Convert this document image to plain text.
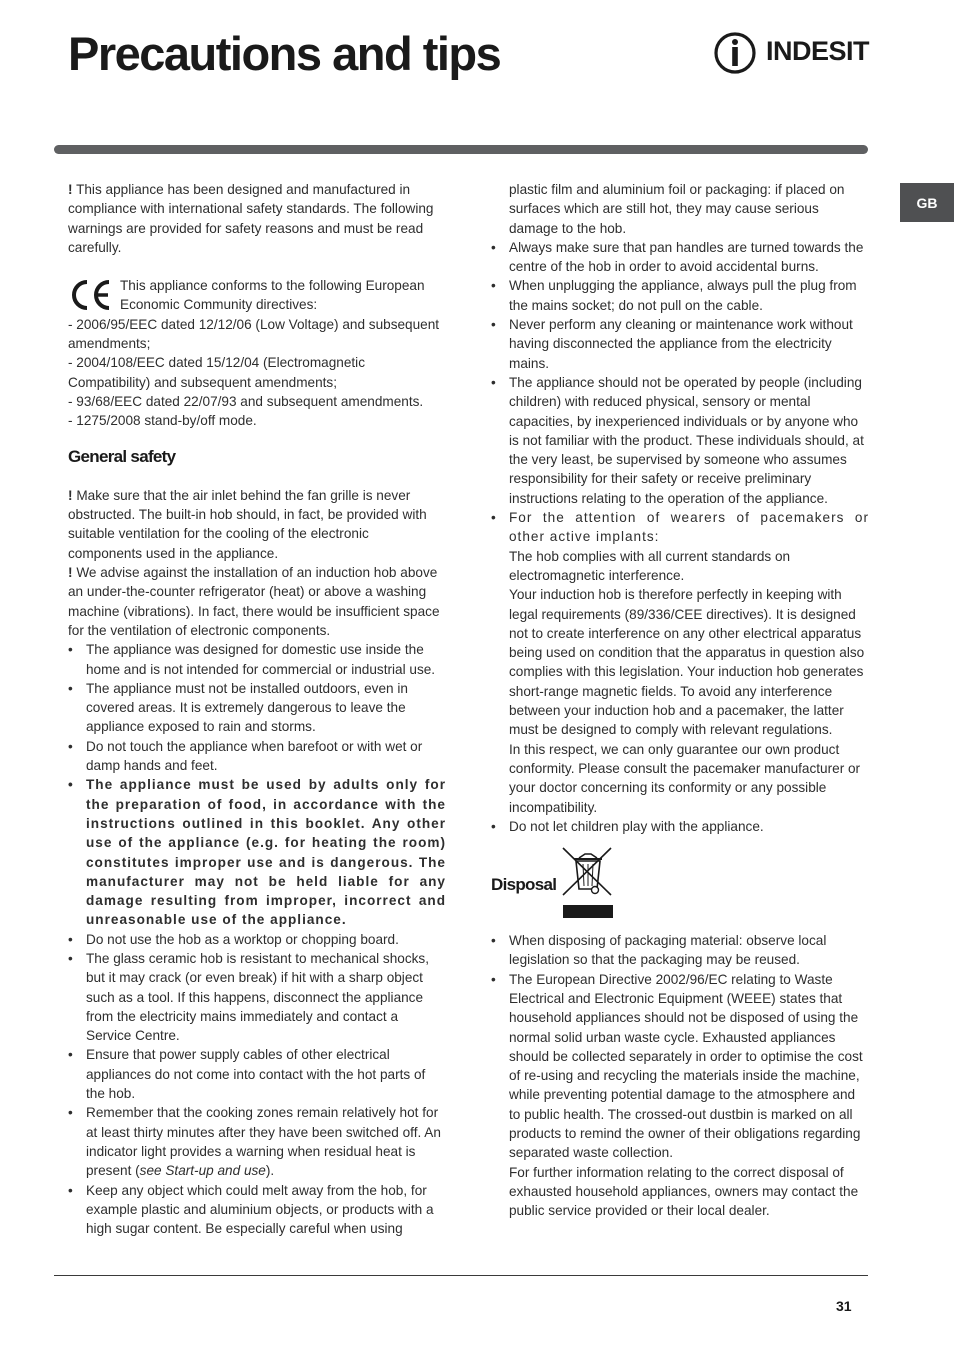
Precautions and tips	INDESIT
GB

! This appliance has been designed and manufactured in compliance with international safety standards. The following warnings are provided for safety reasons and must be read carefully.

This appliance conforms to the following European Economic Community directives:

- 2006/95/EEC dated 12/12/06 (Low Voltage) and subsequent amendments;

- 2004/108/EEC dated 15/12/04 (Electromagnetic Compatibility) and subsequent amendments;

- 93/68/EEC dated 22/07/93 and subsequent amendments.

- 1275/2008 stand-by/off mode.

General safety

! Make sure that the air inlet behind the fan grille is never obstructed. The built-in hob should, in fact, be provided with suitable ventilation for the cooling of the electronic components used in the appliance.

! We advise against the installation of an induction hob above an under-the-counter refrigerator (heat) or above a washing machine (vibrations). In fact, there would be insufficient space for the ventilation of electronic components.

• The appliance was designed for domestic use inside the home and is not intended for commercial or industrial use.
• The appliance must not be installed outdoors, even in covered areas. It is extremely dangerous to leave the appliance exposed to rain and storms.
• Do not touch the appliance when barefoot or with wet or damp hands and feet.
• The appliance must be used by adults only for the preparation of food, in accordance with the instructions outlined in this booklet. Any other use of the appliance (e.g. for heating the room) constitutes improper use and is dangerous. The manufacturer may not be held liable for any damage resulting from improper, incorrect and unreasonable use of the appliance.
• Do not use the hob as a worktop or chopping board.
• The glass ceramic hob is resistant to mechanical shocks, but it may crack (or even break) if hit with a sharp object such as a tool. If this happens, disconnect the appliance from the electricity mains immediately and contact a Service Centre.
• Ensure that power supply cables of other electrical appliances do not come into contact with the hot parts of the hob.
• Remember that the cooking zones remain relatively hot for at least thirty minutes after they have been switched off. An indicator light provides a warning when residual heat is present (see Start-up and use).
• Keep any object which could melt away from the hob, for example plastic and aluminium objects, or products with a high sugar content. Be especially careful when using

plastic film and aluminium foil or packaging: if placed on surfaces which are still hot, they may cause serious damage to the hob.

• Always make sure that pan handles are turned towards the centre of the hob in order to avoid accidental burns.
• When unplugging the appliance, always pull the plug from the mains socket; do not pull on the cable.
• Never perform any cleaning or maintenance work without having disconnected the appliance from the electricity mains.
• The appliance should not be operated by people (including children) with reduced physical, sensory or mental capacities, by inexperienced individuals or by anyone who is not familiar with the product. These individuals should, at the very least, be supervised by someone who assumes responsibility for their safety or receive preliminary instructions relating to the operation of the appliance.
• For the attention of wearers of pacemakers or other active implants:

The hob complies with all current standards on electromagnetic interference.

Your induction hob is therefore perfectly in keeping with legal requirements (89/336/CEE directives). It is designed not to create interference on any other electrical apparatus being used on condition that the apparatus in question also complies with this legislation. Your induction hob generates short-range magnetic fields. To avoid any interference between your induction hob and a pacemaker, the latter must be designed to comply with relevant regulations.

In this respect, we can only guarantee our own product conformity. Please consult the pacemaker manufacturer or your doctor concerning its conformity or any possible incompatibility.

• Do not let children play with the appliance.
Disposal
• When disposing of packaging material: observe local legislation so that the packaging may be reused.
• The European Directive 2002/96/EC relating to Waste Electrical and Electronic Equipment (WEEE) states that household appliances should not be disposed of using the normal solid urban waste cycle. Exhausted appliances should be collected separately in order to optimise the cost of re-using and recycling the materials inside the machine, while preventing potential damage to the atmosphere and to public health. The crossed-out dustbin is marked on all products to remind the owner of their obligations regarding separated waste collection.

For further information relating to the correct disposal of exhausted household appliances, owners may contact the public service provided or their local dealer.

31
